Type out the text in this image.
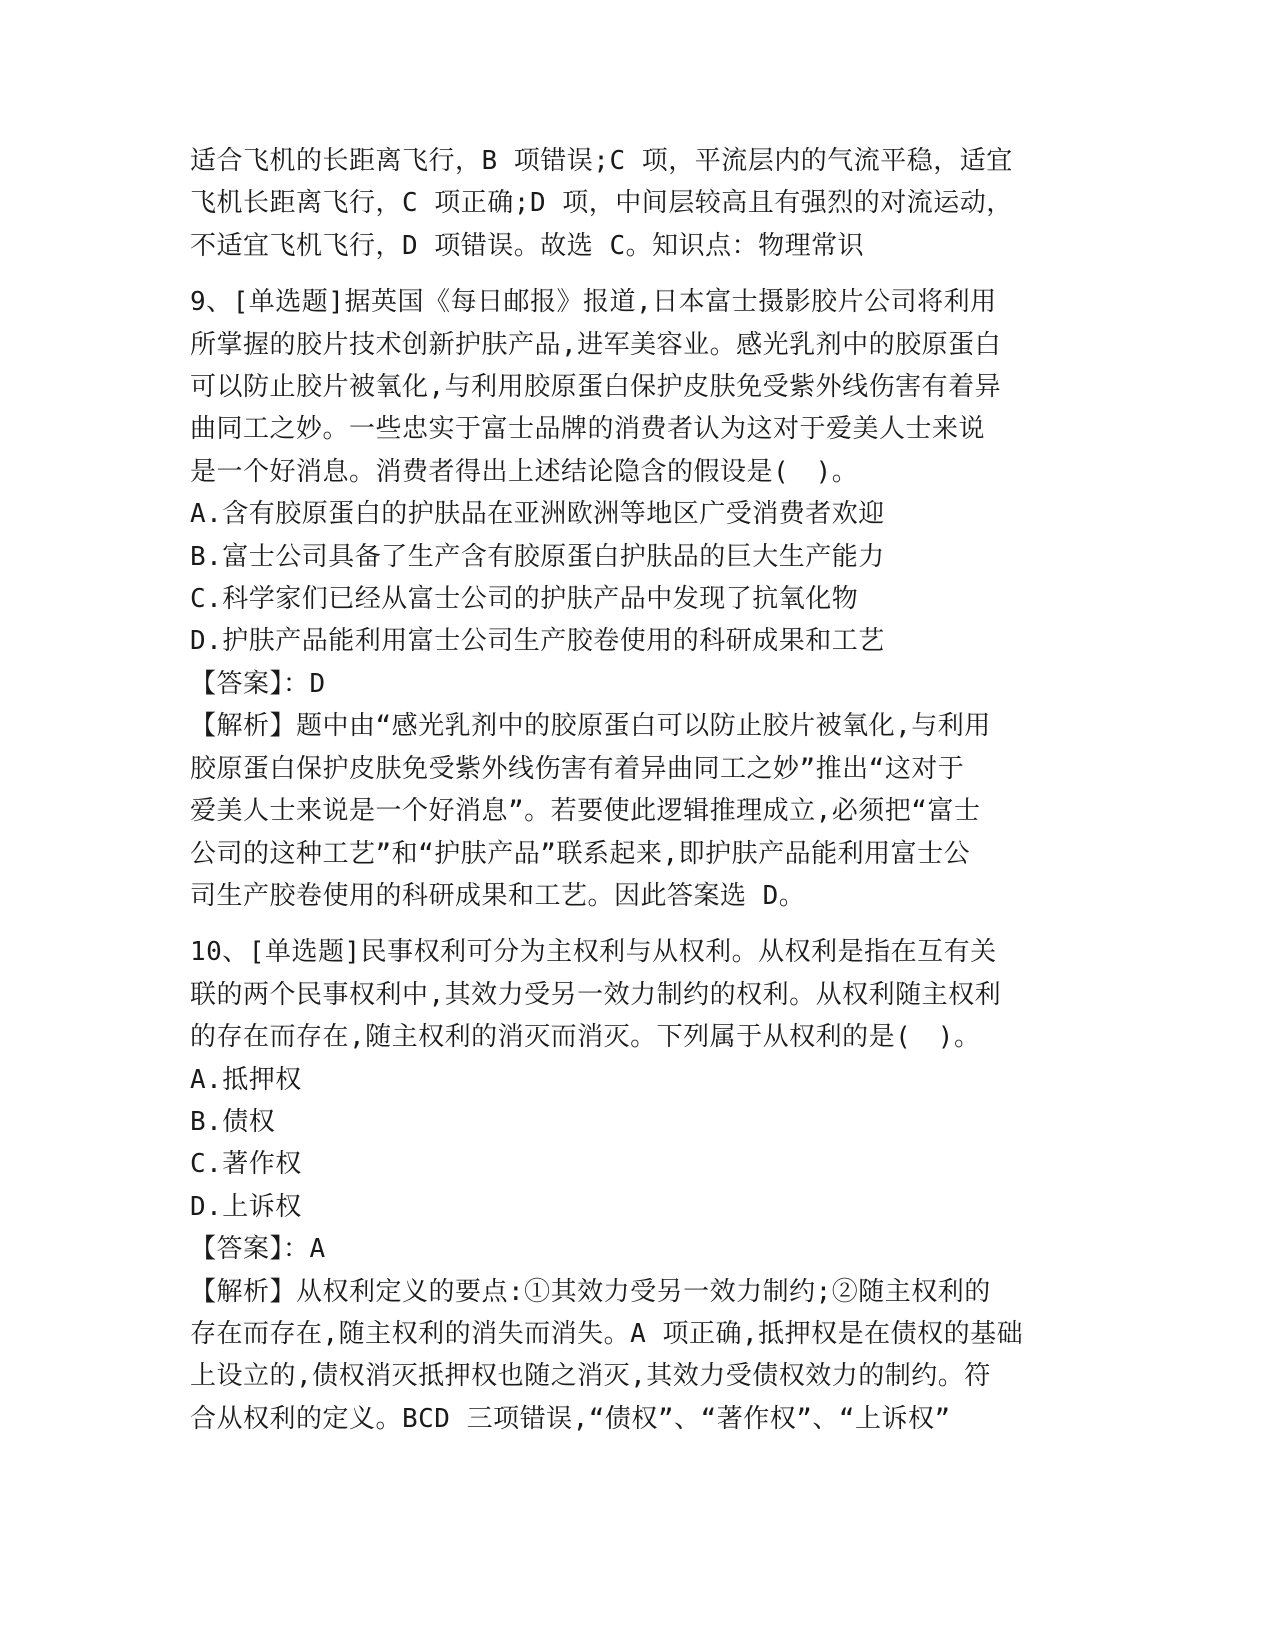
适合飞机的长距离飞行，B 项错误;C 项，平流层内的气流平稳，适宜
飞机长距离飞行，C 项正确;D 项，中间层较高且有强烈的对流运动，
不适宜飞机飞行，D 项错误。故选 C。知识点：物理常识
9、[单选题]据英国《每日邮报》报道,日本富士摄影胶片公司将利用
所掌握的胶片技术创新护肤产品,进军美容业。感光乳剂中的胶原蛋白
可以防止胶片被氧化,与利用胶原蛋白保护皮肤免受紫外线伤害有着异
曲同工之妙。一些忠实于富士品牌的消费者认为这对于爱美人士来说
是一个好消息。消费者得出上述结论隐含的假设是(　)。
A.含有胶原蛋白的护肤品在亚洲欧洲等地区广受消费者欢迎
B.富士公司具备了生产含有胶原蛋白护肤品的巨大生产能力
C.科学家们已经从富士公司的护肤产品中发现了抗氧化物
D.护肤产品能利用富士公司生产胶卷使用的科研成果和工艺
【答案】：D
【解析】题中由“感光乳剂中的胶原蛋白可以防止胶片被氧化,与利用
胶原蛋白保护皮肤免受紫外线伤害有着异曲同工之妙”推出“这对于
爱美人士来说是一个好消息”。若要使此逻辑推理成立,必须把“富士
公司的这种工艺”和“护肤产品”联系起来,即护肤产品能利用富士公
司生产胶卷使用的科研成果和工艺。因此答案选 D。
10、[单选题]民事权利可分为主权利与从权利。从权利是指在互有关
联的两个民事权利中,其效力受另一效力制约的权利。从权利随主权利
的存在而存在,随主权利的消灭而消灭。下列属于从权利的是(　)。
A.抵押权
B.债权
C.著作权
D.上诉权
【答案】：A
【解析】从权利定义的要点:①其效力受另一效力制约;②随主权利的
存在而存在,随主权利的消失而消失。A 项正确,抵押权是在债权的基础
上设立的,债权消灭抵押权也随之消灭,其效力受债权效力的制约。符
合从权利的定义。BCD 三项错误,“债权”、“著作权”、“上诉权”
